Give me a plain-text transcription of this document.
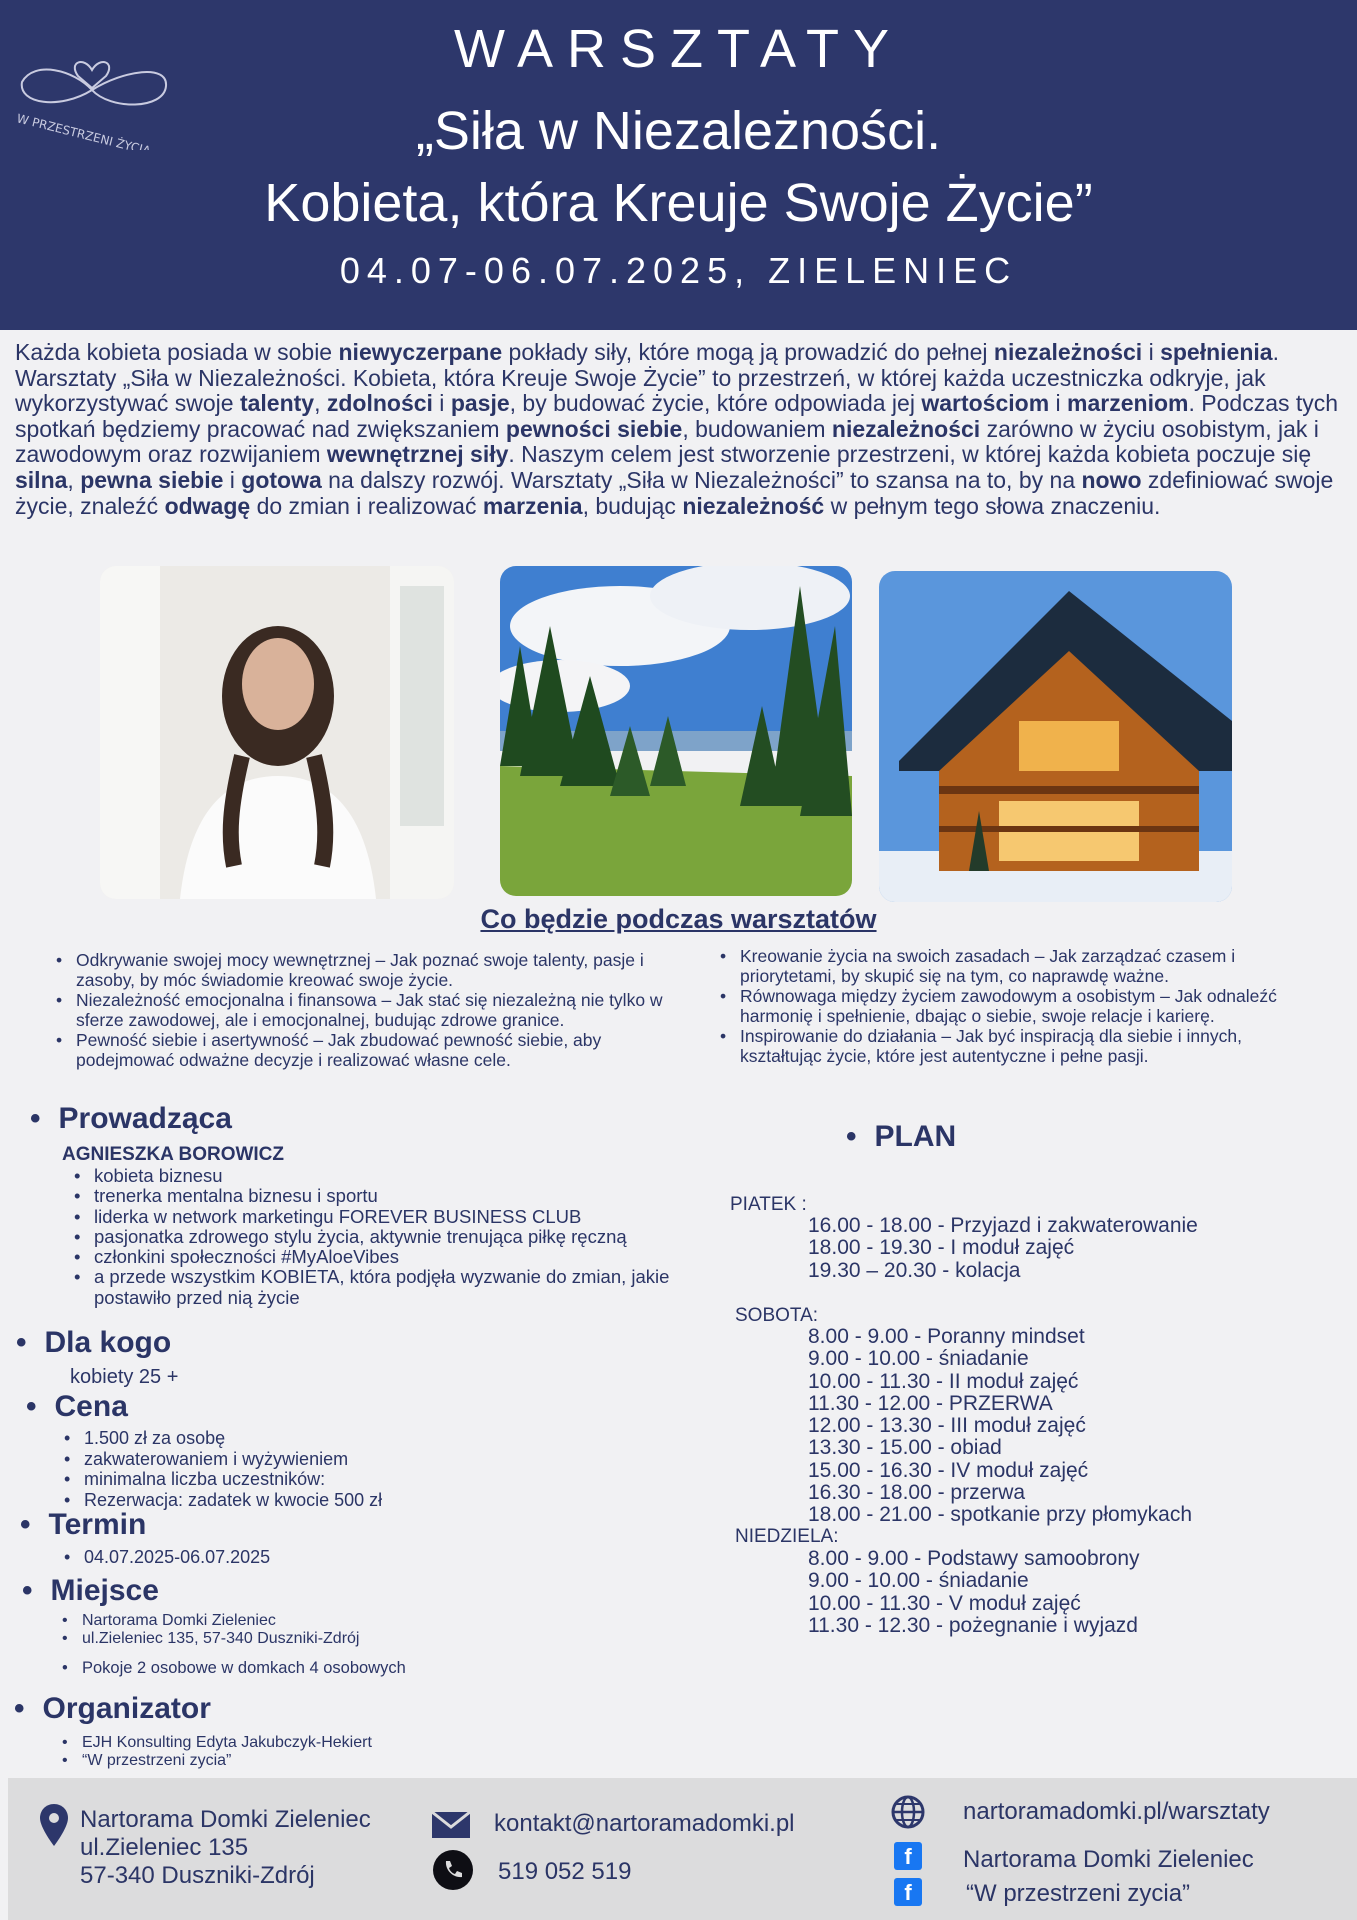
W PRZESTRZENI ŻYCIA
WARSZTATY
„Siła w Niezależności.
Kobieta, która Kreuje Swoje Życie”
04.07-06.07.2025, ZIELENIEC
Każda kobieta posiada w sobie niewyczerpane pokłady siły, które mogą ją prowadzić do pełnej niezależności i spełnienia. Warsztaty „Siła w Niezależności. Kobieta, która Kreuje Swoje Życie” to przestrzeń, w której każda uczestniczka odkryje, jak wykorzystywać swoje talenty, zdolności i pasje, by budować życie, które odpowiada jej wartościom i marzeniom. Podczas tych spotkań będziemy pracować nad zwiększaniem pewności siebie, budowaniem niezależności zarówno w życiu osobistym, jak i zawodowym oraz rozwijaniem wewnętrznej siły. Naszym celem jest stworzenie przestrzeni, w której każda kobieta poczuje się silna, pewna siebie i gotowa na dalszy rozwój. Warsztaty „Siła w Niezależności” to szansa na to, by na nowo zdefiniować swoje życie, znaleźć odwagę do zmian i realizować marzenia, budując niezależność w pełnym tego słowa znaczeniu.
Co będzie podczas warsztatów
• Odkrywanie swojej mocy wewnętrznej – Jak poznać swoje talenty, pasje i zasoby, by móc świadomie kreować swoje życie.
• Niezależność emocjonalna i finansowa – Jak stać się niezależną nie tylko w sferze zawodowej, ale i emocjonalnej, budując zdrowe granice.
• Pewność siebie i asertywność – Jak zbudować pewność siebie, aby podejmować odważne decyzje i realizować własne cele.
• Kreowanie życia na swoich zasadach – Jak zarządzać czasem i priorytetami, by skupić się na tym, co naprawdę ważne.
• Równowaga między życiem zawodowym a osobistym – Jak odnaleźć harmonię i spełnienie, dbając o siebie, swoje relacje i karierę.
• Inspirowanie do działania – Jak być inspiracją dla siebie i innych, kształtując życie, które jest autentyczne i pełne pasji.
• Prowadząca
AGNIESZKA BOROWICZ
• kobieta biznesu
• trenerka mentalna biznesu i sportu
• liderka w network marketingu FOREVER BUSINESS CLUB
• pasjonatka zdrowego stylu życia, aktywnie trenująca piłkę ręczną
• członkini społeczności #MyAloeVibes
• a przede wszystkim KOBIETA, która podjęła wyzwanie do zmian, jakie postawiło przed nią życie
• Dla kogo
kobiety 25 +
• Cena
• 1.500 zł za osobę
• zakwaterowaniem i wyżywieniem
• minimalna liczba uczestników:
• Rezerwacja: zadatek w kwocie 500 zł
• Termin
• 04.07.2025-06.07.2025
• Miejsce
• Nartorama Domki Zieleniec
• ul.Zieleniec 135, 57-340 Duszniki-Zdrój
• Pokoje 2 osobowe w domkach 4 osobowych
• Organizator
• EJH Konsulting Edyta Jakubczyk-Hekiert
• “W przestrzeni zycia”
• PLAN
PIATEK :
16.00 - 18.00 - Przyjazd i zakwaterowanie
18.00 - 19.30 - I moduł zajęć
19.30 – 20.30 - kolacja
SOBOTA:
8.00 - 9.00 - Poranny mindset
9.00 - 10.00 - śniadanie
10.00 - 11.30 - II moduł zajęć
11.30 - 12.00 - PRZERWA
12.00 - 13.30 - III moduł zajęć
13.30 - 15.00 - obiad
15.00 - 16.30 - IV moduł zajęć
16.30 - 18.00 - przerwa
18.00 - 21.00 - spotkanie przy płomykach
NIEDZIELA:
8.00 - 9.00 - Podstawy samoobrony
9.00 - 10.00 - śniadanie
10.00 - 11.30 - V moduł zajęć
11.30 - 12.30 - pożegnanie i wyjazd
Nartorama Domki Zieleniec
ul.Zieleniec 135
57-340 Duszniki-Zdrój
kontakt@nartoramadomki.pl
519 052 519
nartoramadomki.pl/warsztaty
f	Nartorama Domki Zieleniec
f	“W przestrzeni zycia”
